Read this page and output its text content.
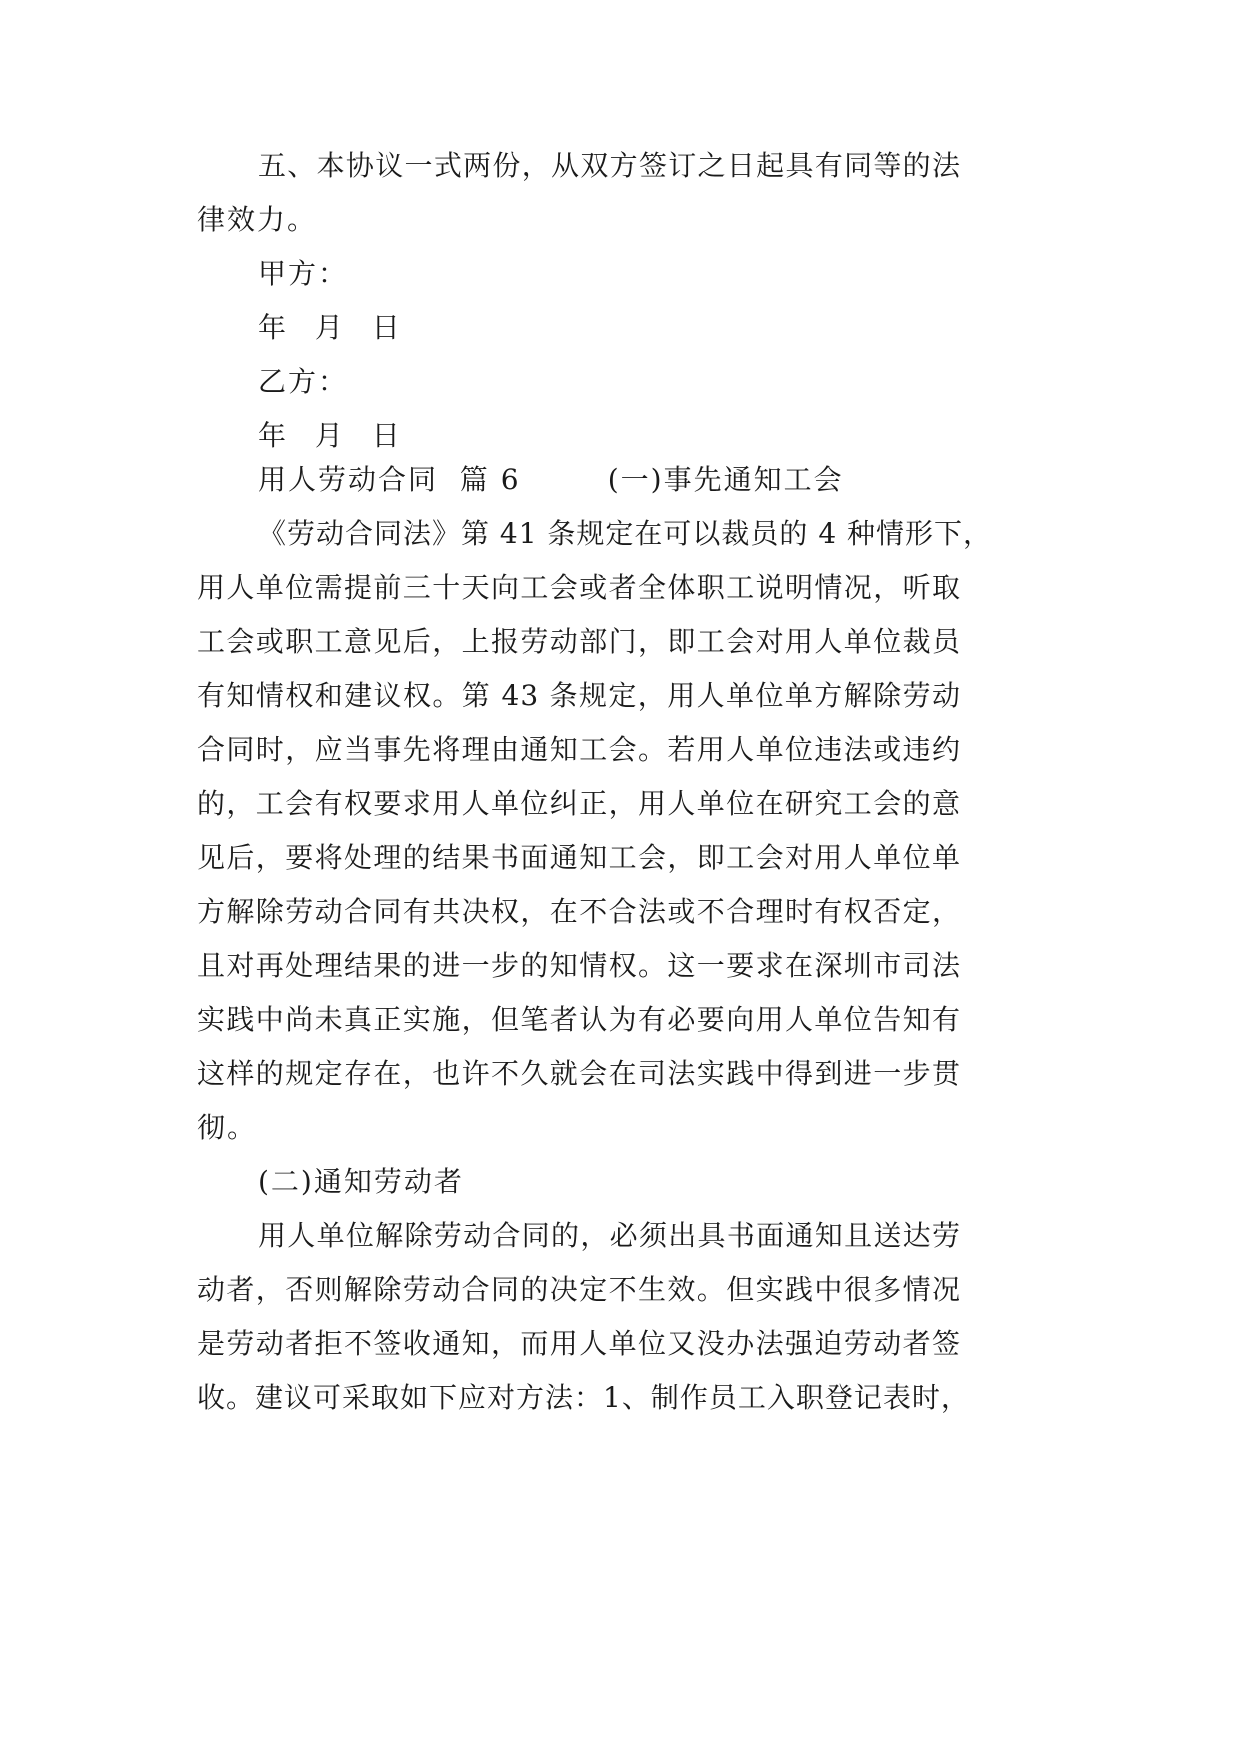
五、本协议一式两份，从双方签订之日起具有同等的法

律效力。

甲方：

年 月 日

乙方：

年 月 日

用人劳动合同  篇 6        (一)事先通知工会

《劳动合同法》第 41 条规定在可以裁员的 4 种情形下，

用人单位需提前三十天向工会或者全体职工说明情况，听取

工会或职工意见后，上报劳动部门，即工会对用人单位裁员

有知情权和建议权。第 43 条规定，用人单位单方解除劳动

合同时，应当事先将理由通知工会。若用人单位违法或违约

的，工会有权要求用人单位纠正，用人单位在研究工会的意

见后，要将处理的结果书面通知工会，即工会对用人单位单

方解除劳动合同有共决权，在不合法或不合理时有权否定，

且对再处理结果的进一步的知情权。这一要求在深圳市司法

实践中尚未真正实施，但笔者认为有必要向用人单位告知有

这样的规定存在，也许不久就会在司法实践中得到进一步贯

彻。

(二)通知劳动者

用人单位解除劳动合同的，必须出具书面通知且送达劳

动者，否则解除劳动合同的决定不生效。但实践中很多情况

是劳动者拒不签收通知，而用人单位又没办法强迫劳动者签

收。建议可采取如下应对方法：1、制作员工入职登记表时，
